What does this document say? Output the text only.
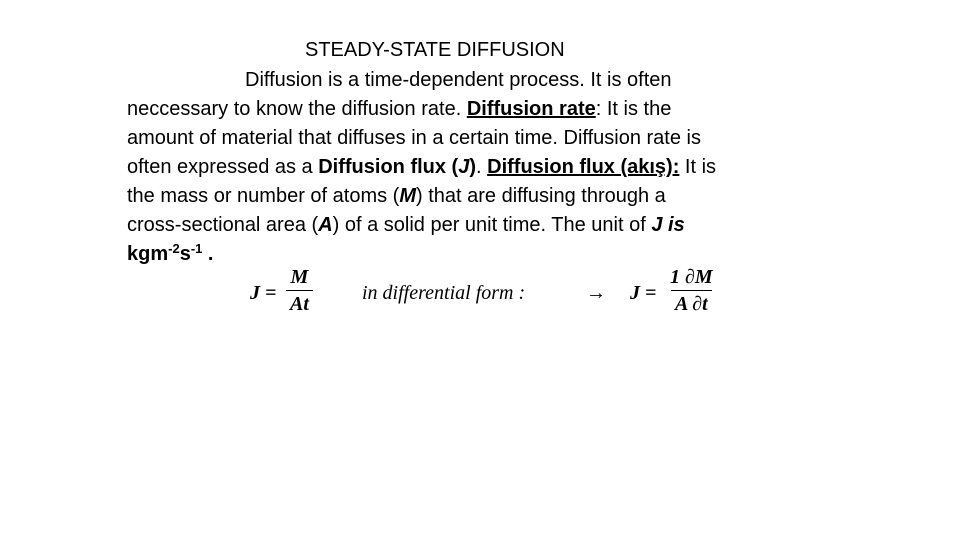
STEADY-STATE DIFFUSION
Diffusion is a time-dependent process. It is often
neccessary to know the diffusion rate. Diffusion rate: It is the
amount of material that diffuses in a certain time. Diffusion rate is
often expressed as a Diffusion flux (J). Diffusion flux (akış): It is
the mass or number of atoms (M) that are diffusing through a
cross-sectional area (A) of a solid per unit time. The unit of J is
$kgm^{-2}s^{-1}$ .
$J = \frac{M}{At}$ in differential form :	→ $J = \frac{1 \partial M}{A \partial t}$
